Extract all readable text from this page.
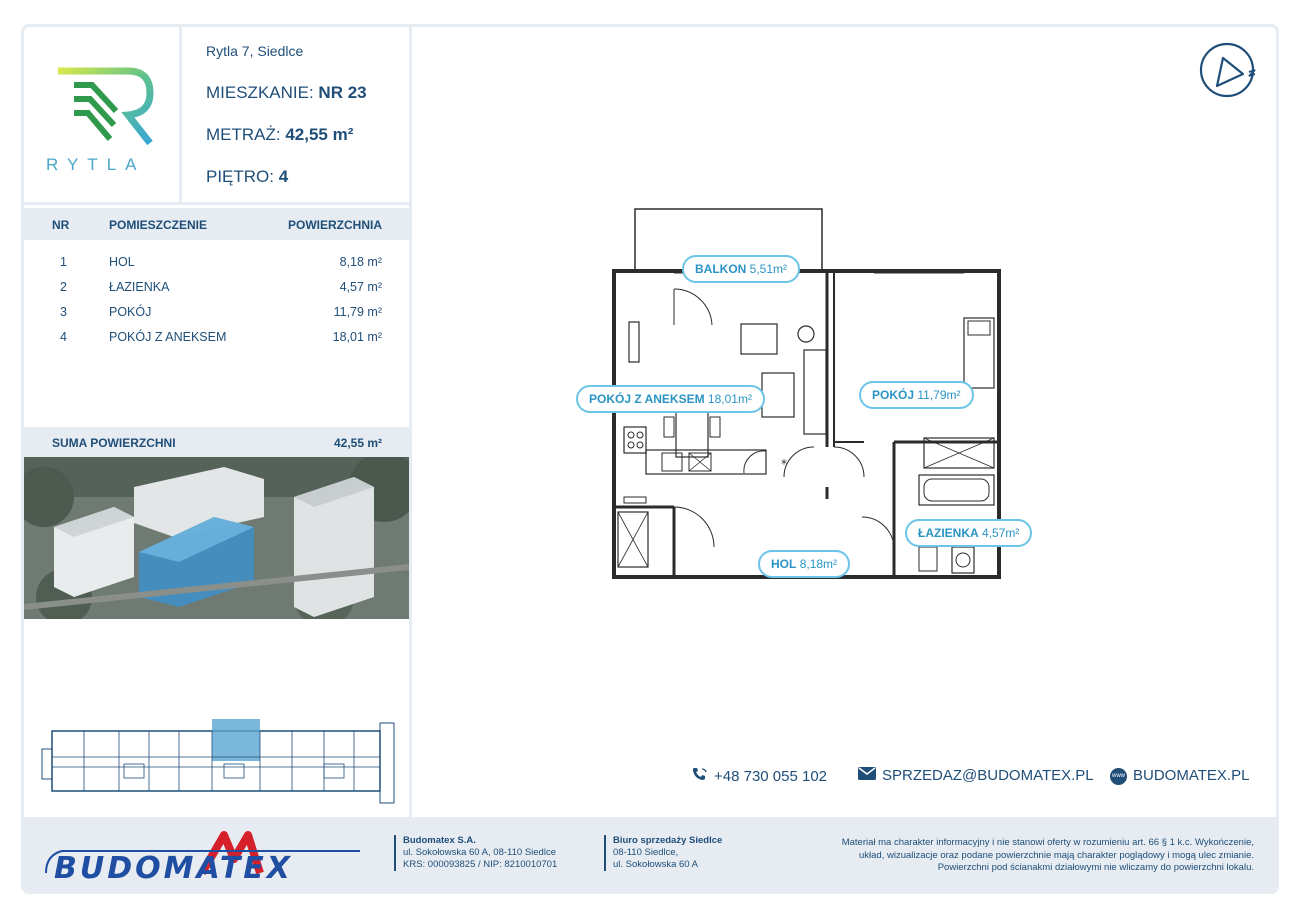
RYTLA
Rytla 7, Siedlce
MIESZKANIE: NR 23
METRAŻ: 42,55 m²
PIĘTRO: 4
NR	POMIESZCZENIE	POWIERZCHNIA
1	HOL	8,18 m²
2	ŁAZIENKA	4,57 m²
3	POKÓJ	11,79 m²
4	POKÓJ Z ANEKSEM	18,01 m²
SUMA POWIERZCHNI	42,55 m²
*
BALKON 5,51m²
POKÓJ Z ANEKSEM 18,01m²	POKÓJ 11,79m²
ŁAZIENKA 4,57m²
HOL 8,18m²
+48 730 055 102	SPRZEDAZ@BUDOMATEX.PL	www BUDOMATEX.PL
BUDOMATEX
Budomatex S.A.
ul. Sokołowska 60 A, 08-110 Siedlce
KRS: 000093825 / NIP: 8210010701
Biuro sprzedaży Siedlce
08-110 Siedlce,
ul. Sokołowska 60 A
Materiał ma charakter informacyjny i nie stanowi oferty w rozumieniu art. 66 § 1 k.c. Wykończenie, układ, wizualizacje oraz podane powierzchnie mają charakter poglądowy i mogą ulec zmianie. Powierzchni pod ścianakmi działowymi nie wliczamy do powierzchni lokalu.
